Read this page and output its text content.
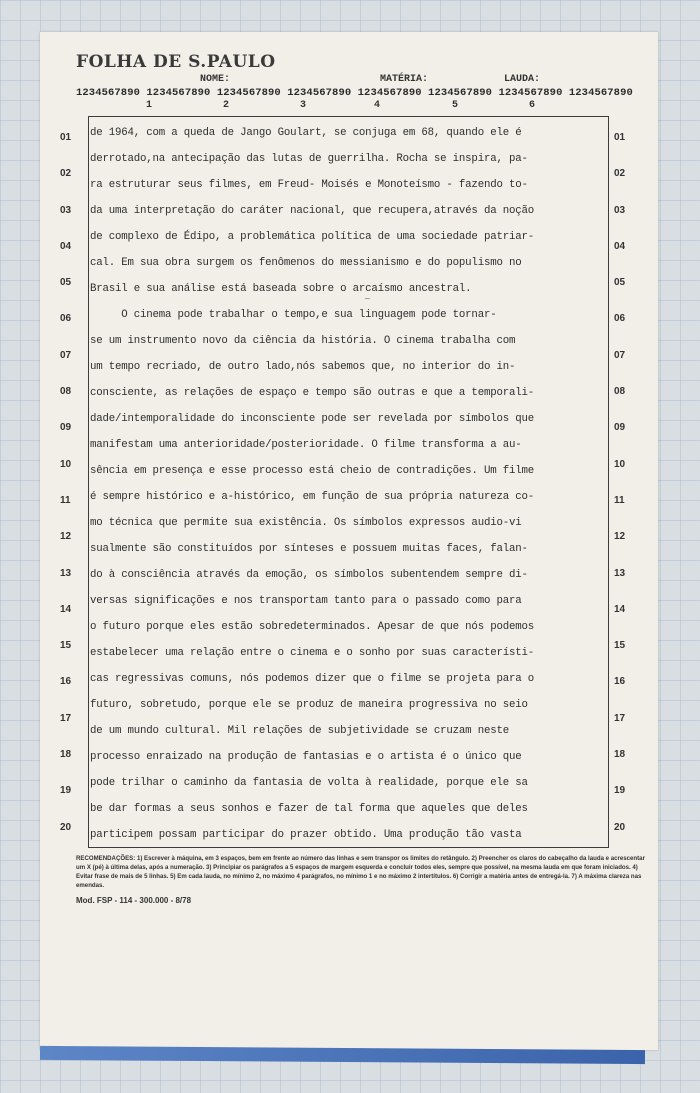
FOLHA DE S.PAULO
NOME:	MATÉRIA:	LAUDA:
1234567890 1234567890 1234567890 1234567890 1234567890 1234567890 1234567890 1234567890
1	2	3	4	5	6
01
02
03
04
05
06
07
08
09
10
11
12
13
14
15
16
17
18
19
20
01
02
03
04
05
06
07
08
09
10
11
12
13
14
15
16
17
18
19
20
de 1964, com a queda de Jango Goulart, se conjuga em 68, quando ele é
derrotado,na antecipação das lutas de guerrilha. Rocha se inspira, pa-
ra estruturar seus filmes, em Freud- Moisés e Monoteísmo - fazendo to-
da uma interpretação do caráter nacional, que recupera,através da noção
de complexo de Édipo, a problemática política de uma sociedade patriar-
cal. Em sua obra surgem os fenômenos do messianismo e do populismo no
Brasil e sua análise está baseada sobre o arcaísmo ancestral.
O cinema pode trabalhar o tempo,e sua linguagem pode tornar-
se um instrumento novo da ciência da história. O cinema trabalha com
um tempo recriado, de outro lado,nós sabemos que, no interior do in-
consciente, as relações de espaço e tempo são outras e que a temporali-
dade/intemporalidade do inconsciente pode ser revelada por símbolos que
manifestam uma anterioridade/posterioridade. O filme transforma a au-
sência em presença e esse processo está cheio de contradições. Um filme
é sempre histórico e a-histórico, em função de sua própria natureza co-
mo técnica que permite sua existência. Os símbolos expressos audio-vi
sualmente são constituídos por sínteses e possuem muitas faces, falan-
do à consciência através da emoção, os símbolos subentendem sempre di-
versas significações e nos transportam tanto para o passado como para
o futuro porque eles estão sobredeterminados. Apesar de que nós podemos
estabelecer uma relação entre o cinema e o sonho por suas característi-
cas regressivas comuns, nós podemos dizer que o filme se projeta para o
futuro, sobretudo, porque ele se produz de maneira progressiva no seio
de um mundo cultural. Mil relações de subjetividade se cruzam neste
processo enraizado na produção de fantasias e o artista é o único que
pode trilhar o caminho da fantasia de volta à realidade, porque ele sa
be dar formas a seus sonhos e fazer de tal forma que aqueles que deles
participem possam participar do prazer obtido. Uma produção tão vasta
~
RECOMENDAÇÕES: 1) Escrever à máquina, em 3 espaços, bem em frente ao número das linhas e sem transpor os limites do retângulo. 2) Preencher os claros do cabeçalho da lauda e acrescentar um X (pé) à última delas, após a numeração. 3) Principiar os parágrafos a 5 espaços de margem esquerda e concluir todos eles, sempre que possível, na mesma lauda em que foram iniciados. 4) Evitar frase de mais de 5 linhas. 5) Em cada lauda, no mínimo 2, no máximo 4 parágrafos, no mínimo 1 e no máximo 2 intertítulos. 6) Corrigir a matéria antes de entregá-la. 7) A máxima clareza nas emendas.
Mod. FSP - 114 - 300.000 - 8/78
